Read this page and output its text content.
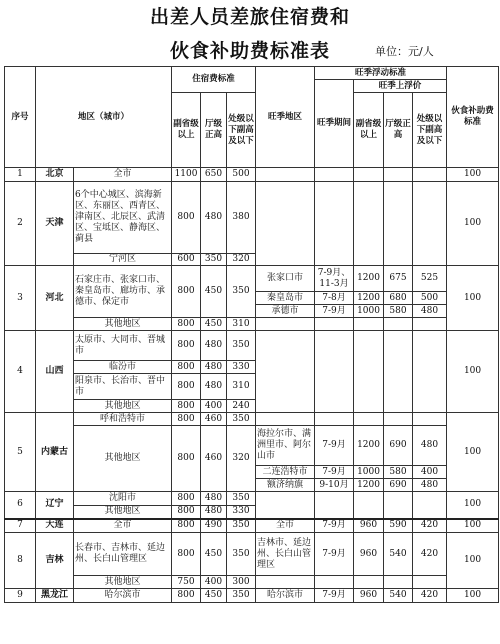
出差人员差旅住宿费和
伙食补助费标准表	单位：元/人
序号	地区（城市）		住宿费标准			旺季地区	旺季浮动标准				伙食补助费标准
							旺季期间	旺季上浮价			
			副省级以上	厅级正高	处级以下副高及以下			副省级以上	厅级正高	处级以下副高及以下	

1	北京	全市	1100	650	500						100
2	天津	6个中心城区、滨海新区、东丽区、西青区、津南区、北辰区、武清区、宝坻区、静海区、蓟县	800	480	380						100
		宁河区	600	350	320						
3	河北	石家庄市、张家口市、秦皇岛市、廊坊市、承德市、保定市	800	450	350	张家口市	7-9月、11-3月	1200	675	525	100
						秦皇岛市	7-8月	1200	680	500	
						承德市	7-9月	1000	580	480	
		其他地区	800	450	310						
4	山西	太原市、大同市、晋城市	800	480	350						100
		临汾市	800	480	330						
		阳泉市、长治市、晋中市	800	480	310						
		其他地区	800	400	240						
5	内蒙古	呼和浩特市	800	460	350						100
		其他地区	800	460	320	海拉尔市、满洲里市、阿尔山市	7-9月	1200	690	480	
						二连浩特市	7-9月	1000	580	400	
						额济纳旗	9-10月	1200	690	480	
6	辽宁	沈阳市	800	480	350						100
		其他地区	800	480	330						
7	大连	全市	800	490	350	全市	7-9月	960	590	420	100
8	吉林	长春市、吉林市、延边州、长白山管理区	800	450	350	吉林市、延边州、长白山管理区	7-9月	960	540	420	100
		其他地区	750	400	300						
9	黑龙江	哈尔滨市	800	450	350	哈尔滨市	7-9月	960	540	420	100
